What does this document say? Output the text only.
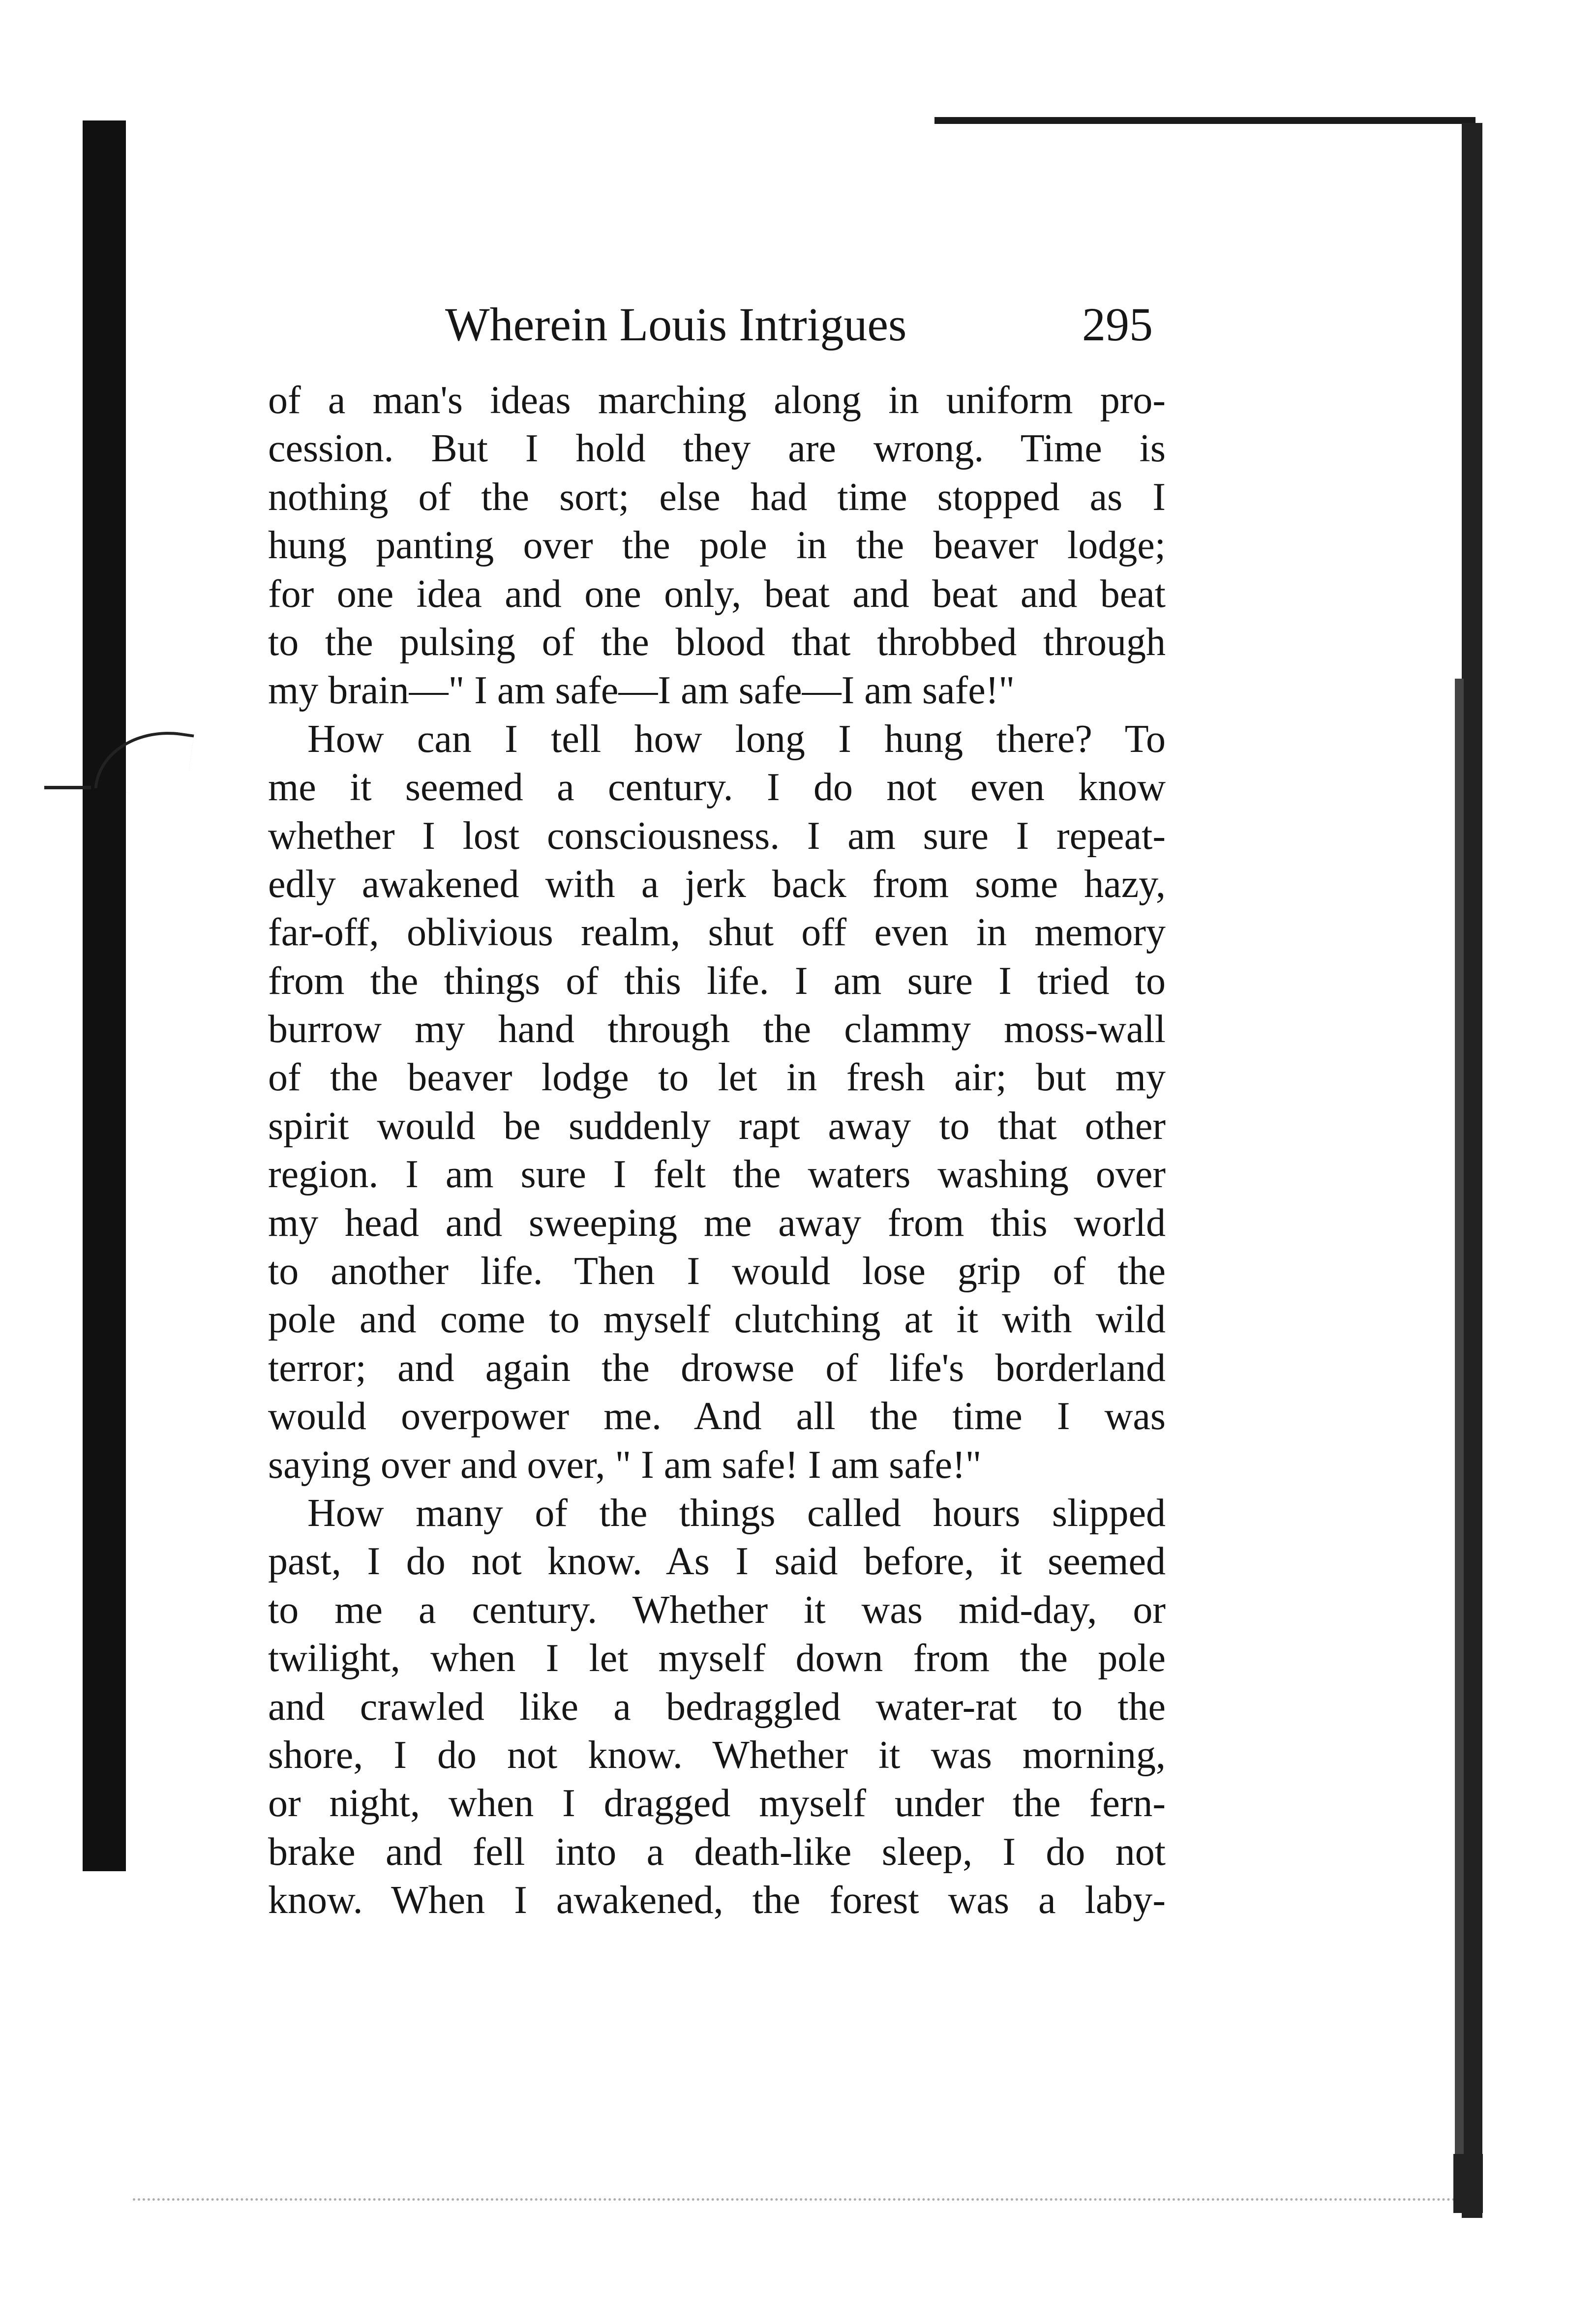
Wherein Louis Intrigues	295
of a man's ideas marching along in uniform pro-
cession. But I hold they are wrong. Time is
nothing of the sort; else had time stopped as I
hung panting over the pole in the beaver lodge;
for one idea and one only, beat and beat and beat
to the pulsing of the blood that throbbed through
my brain—" I am safe—I am safe—I am safe!"
How can I tell how long I hung there? To
me it seemed a century. I do not even know
whether I lost consciousness. I am sure I repeat-
edly awakened with a jerk back from some hazy,
far-off, oblivious realm, shut off even in memory
from the things of this life. I am sure I tried to
burrow my hand through the clammy moss-wall
of the beaver lodge to let in fresh air; but my
spirit would be suddenly rapt away to that other
region. I am sure I felt the waters washing over
my head and sweeping me away from this world
to another life. Then I would lose grip of the
pole and come to myself clutching at it with wild
terror; and again the drowse of life's borderland
would overpower me. And all the time I was
saying over and over, " I am safe! I am safe!"
How many of the things called hours slipped
past, I do not know. As I said before, it seemed
to me a century. Whether it was mid-day, or
twilight, when I let myself down from the pole
and crawled like a bedraggled water-rat to the
shore, I do not know. Whether it was morning,
or night, when I dragged myself under the fern-
brake and fell into a death-like sleep, I do not
know. When I awakened, the forest was a laby-
